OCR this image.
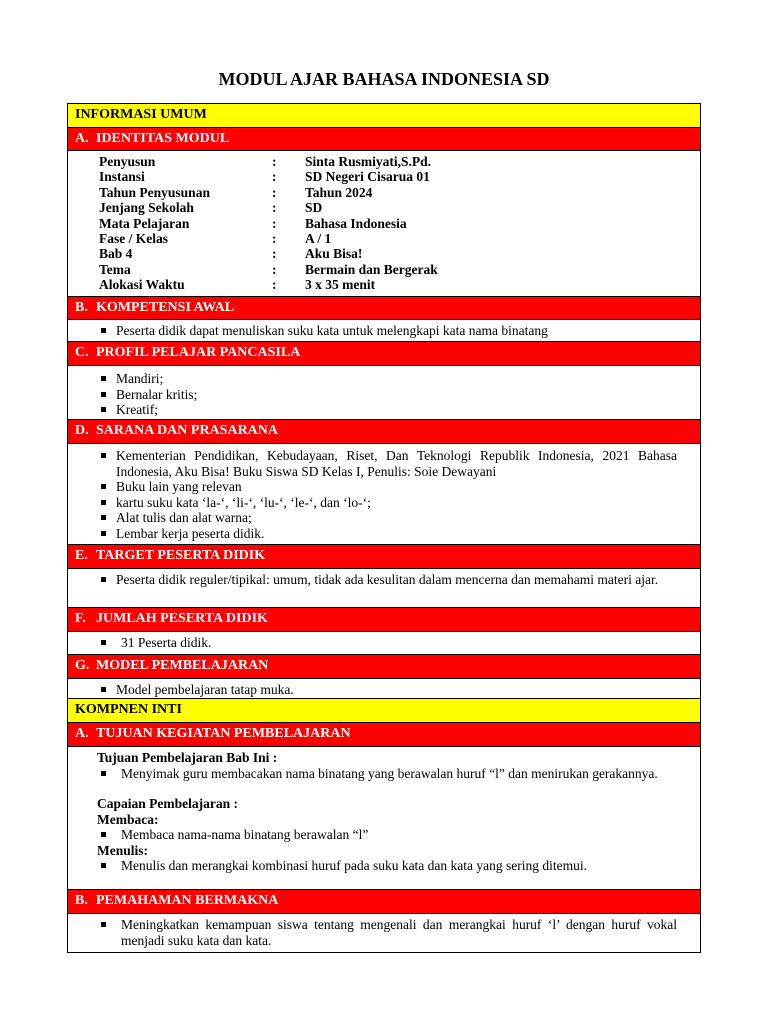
MODUL AJAR BAHASA INDONESIA SD
INFORMASI UMUM
A. IDENTITAS MODUL
Penyusun	: Sinta Rusmiyati,S.Pd.
Instansi	: SD Negeri Cisarua 01
Tahun Penyusunan	: Tahun 2024
Jenjang Sekolah	: SD
Mata Pelajaran	: Bahasa Indonesia
Fase / Kelas	: A / 1
Bab 4	: Aku Bisa!
Tema	: Bermain dan Bergerak
Alokasi Waktu	: 3 x 35 menit
B. KOMPETENSI AWAL
Peserta didik dapat menuliskan suku kata untuk melengkapi kata nama binatang
C. PROFIL PELAJAR PANCASILA
Mandiri;
Bernalar kritis;
Kreatif;
D. SARANA DAN PRASARANA
Kementerian Pendidikan, Kebudayaan, Riset, Dan Teknologi Republik Indonesia, 2021 Bahasa Indonesia, Aku Bisa! Buku Siswa SD Kelas I, Penulis: Soie Dewayani
Buku lain yang relevan
kartu suku kata ‘la-‘, ‘li-‘, ‘lu-‘, ‘le-‘, dan ‘lo-‘;
Alat tulis dan alat warna;
Lembar kerja peserta didik.
E. TARGET PESERTA DIDIK
Peserta didik reguler/tipikal: umum, tidak ada kesulitan dalam mencerna dan memahami materi ajar.
F. JUMLAH PESERTA DIDIK
31 Peserta didik.
G. MODEL PEMBELAJARAN
Model pembelajaran tatap muka.
KOMPNEN INTI
A. TUJUAN KEGIATAN PEMBELAJARAN
Tujuan Pembelajaran Bab Ini :
Menyimak guru membacakan nama binatang yang berawalan huruf “l” dan menirukan gerakannya.
Capaian Pembelajaran :
Membaca:
Membaca nama-nama binatang berawalan “l”
Menulis:
Menulis dan merangkai kombinasi huruf pada suku kata dan kata yang sering ditemui.
B. PEMAHAMAN BERMAKNA
Meningkatkan kemampuan siswa tentang mengenali dan merangkai huruf ‘l’ dengan huruf vokal menjadi suku kata dan kata.
